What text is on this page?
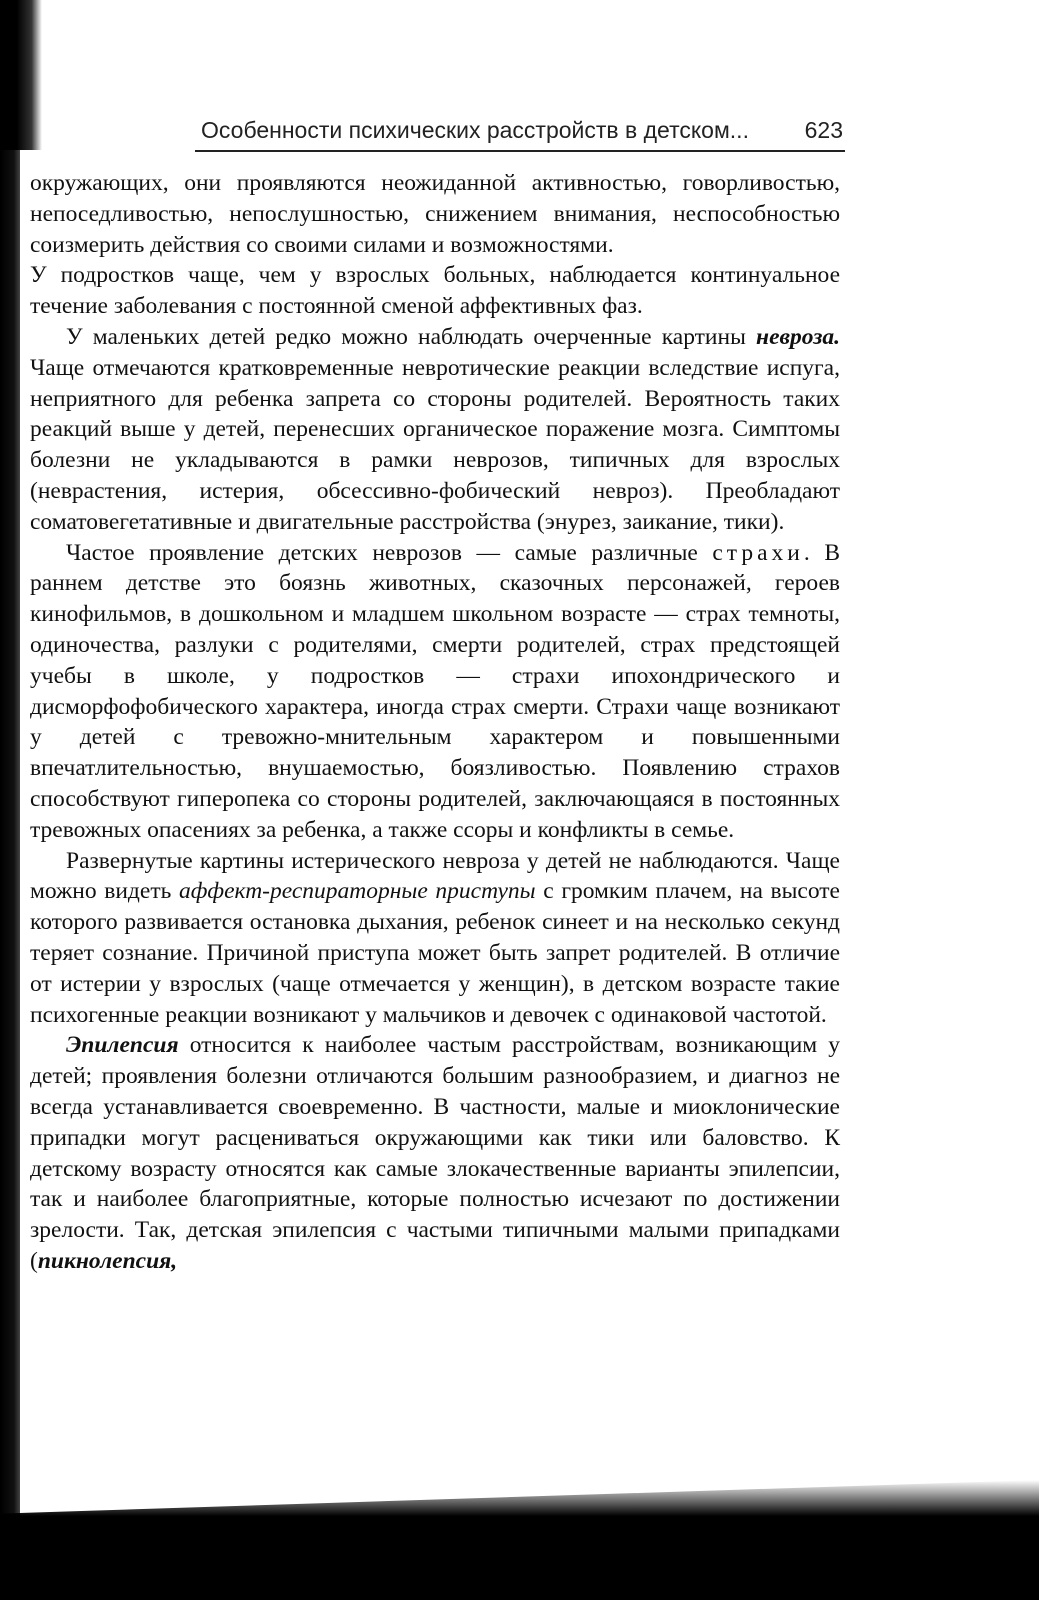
Особенности психических расстройств в детском... 623

окружающих, они проявляются неожиданной активностью, говорливостью, непоседливостью, непослушностью, снижением внимания, неспособностью соизмерить действия со своими силами и возможностями.

У подростков чаще, чем у взрослых больных, наблюдается континуальное течение заболевания с постоянной сменой аффективных фаз.

У маленьких детей редко можно наблюдать очерченные картины невроза. Чаще отмечаются кратковременные невротические реакции вследствие испуга, неприятного для ребенка запрета со стороны родителей. Вероятность таких реакций выше у детей, перенесших органическое поражение мозга. Симптомы болезни не укладываются в рамки неврозов, типичных для взрослых (неврастения, истерия, обсессивно-фобический невроз). Преобладают соматовегетативные и двигательные расстройства (энурез, заикание, тики).

Частое проявление детских неврозов — самые различные страхи. В раннем детстве это боязнь животных, сказочных персонажей, героев кинофильмов, в дошкольном и младшем школьном возрасте — страх темноты, одиночества, разлуки с родителями, смерти родителей, страх предстоящей учебы в школе, у подростков — страхи ипохондрического и дисморфофобического характера, иногда страх смерти. Страхи чаще возникают у детей с тревожно-мнительным характером и повышенными впечатлительностью, внушаемостью, боязливостью. Появлению страхов способствуют гиперопека со стороны родителей, заключающаяся в постоянных тревожных опасениях за ребенка, а также ссоры и конфликты в семье.

Развернутые картины истерического невроза у детей не наблюдаются. Чаще можно видеть аффект-респираторные приступы с громким плачем, на высоте которого развивается остановка дыхания, ребенок синеет и на несколько секунд теряет сознание. Причиной приступа может быть запрет родителей. В отличие от истерии у взрослых (чаще отмечается у женщин), в детском возрасте такие психогенные реакции возникают у мальчиков и девочек с одинаковой частотой.

Эпилепсия относится к наиболее частым расстройствам, возникающим у детей; проявления болезни отличаются большим разнообразием, и диагноз не всегда устанавливается своевременно. В частности, малые и миоклонические припадки могут расцениваться окружающими как тики или баловство. К детскому возрасту относятся как самые злокачественные варианты эпилепсии, так и наиболее благоприятные, которые полностью исчезают по достижении зрелости. Так, детская эпилепсия с частыми типичными малыми припадками (пикнолепсия,
